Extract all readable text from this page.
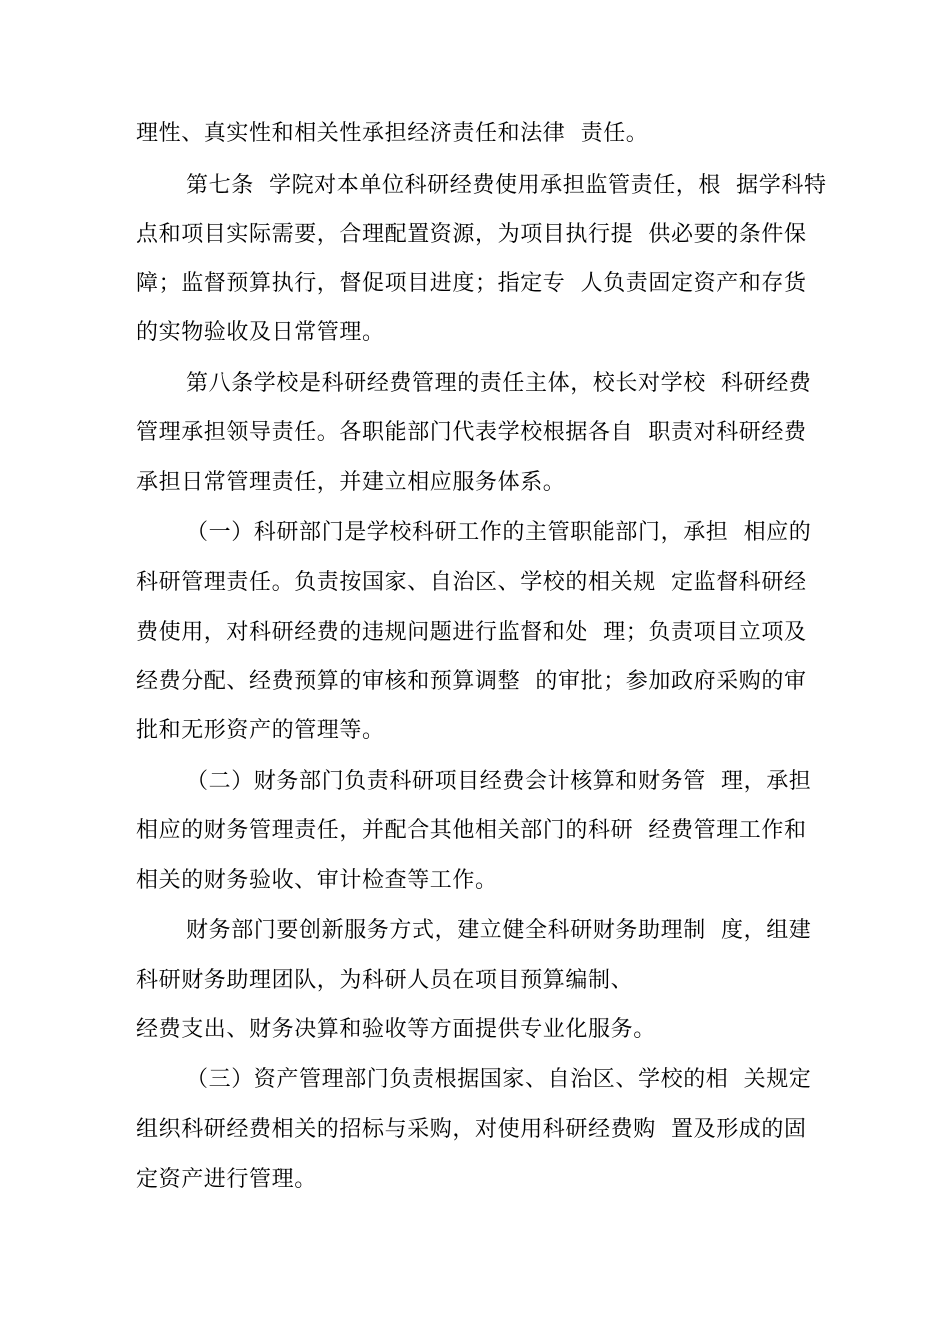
理性、真实性和相关性承担经济责任和法律  责任。
第七条  学院对本单位科研经费使用承担监管责任，根  据学科特
点和项目实际需要，合理配置资源，为项目执行提  供必要的条件保
障；监督预算执行，督促项目进度；指定专  人负责固定资产和存货
的实物验收及日常管理。
第八条学校是科研经费管理的责任主体，校长对学校  科研经费
管理承担领导责任。各职能部门代表学校根据各自  职责对科研经费
承担日常管理责任，并建立相应服务体系。
（一）科研部门是学校科研工作的主管职能部门，承担  相应的
科研管理责任。负责按国家、自治区、学校的相关规  定监督科研经
费使用，对科研经费的违规问题进行监督和处  理；负责项目立项及
经费分配、经费预算的审核和预算调整  的审批；参加政府采购的审
批和无形资产的管理等。
（二）财务部门负责科研项目经费会计核算和财务管  理，承担
相应的财务管理责任，并配合其他相关部门的科研  经费管理工作和
相关的财务验收、审计检查等工作。
财务部门要创新服务方式，建立健全科研财务助理制  度，组建
科研财务助理团队，为科研人员在项目预算编制、
经费支出、财务决算和验收等方面提供专业化服务。
（三）资产管理部门负责根据国家、自治区、学校的相  关规定
组织科研经费相关的招标与采购，对使用科研经费购  置及形成的固
定资产进行管理。
